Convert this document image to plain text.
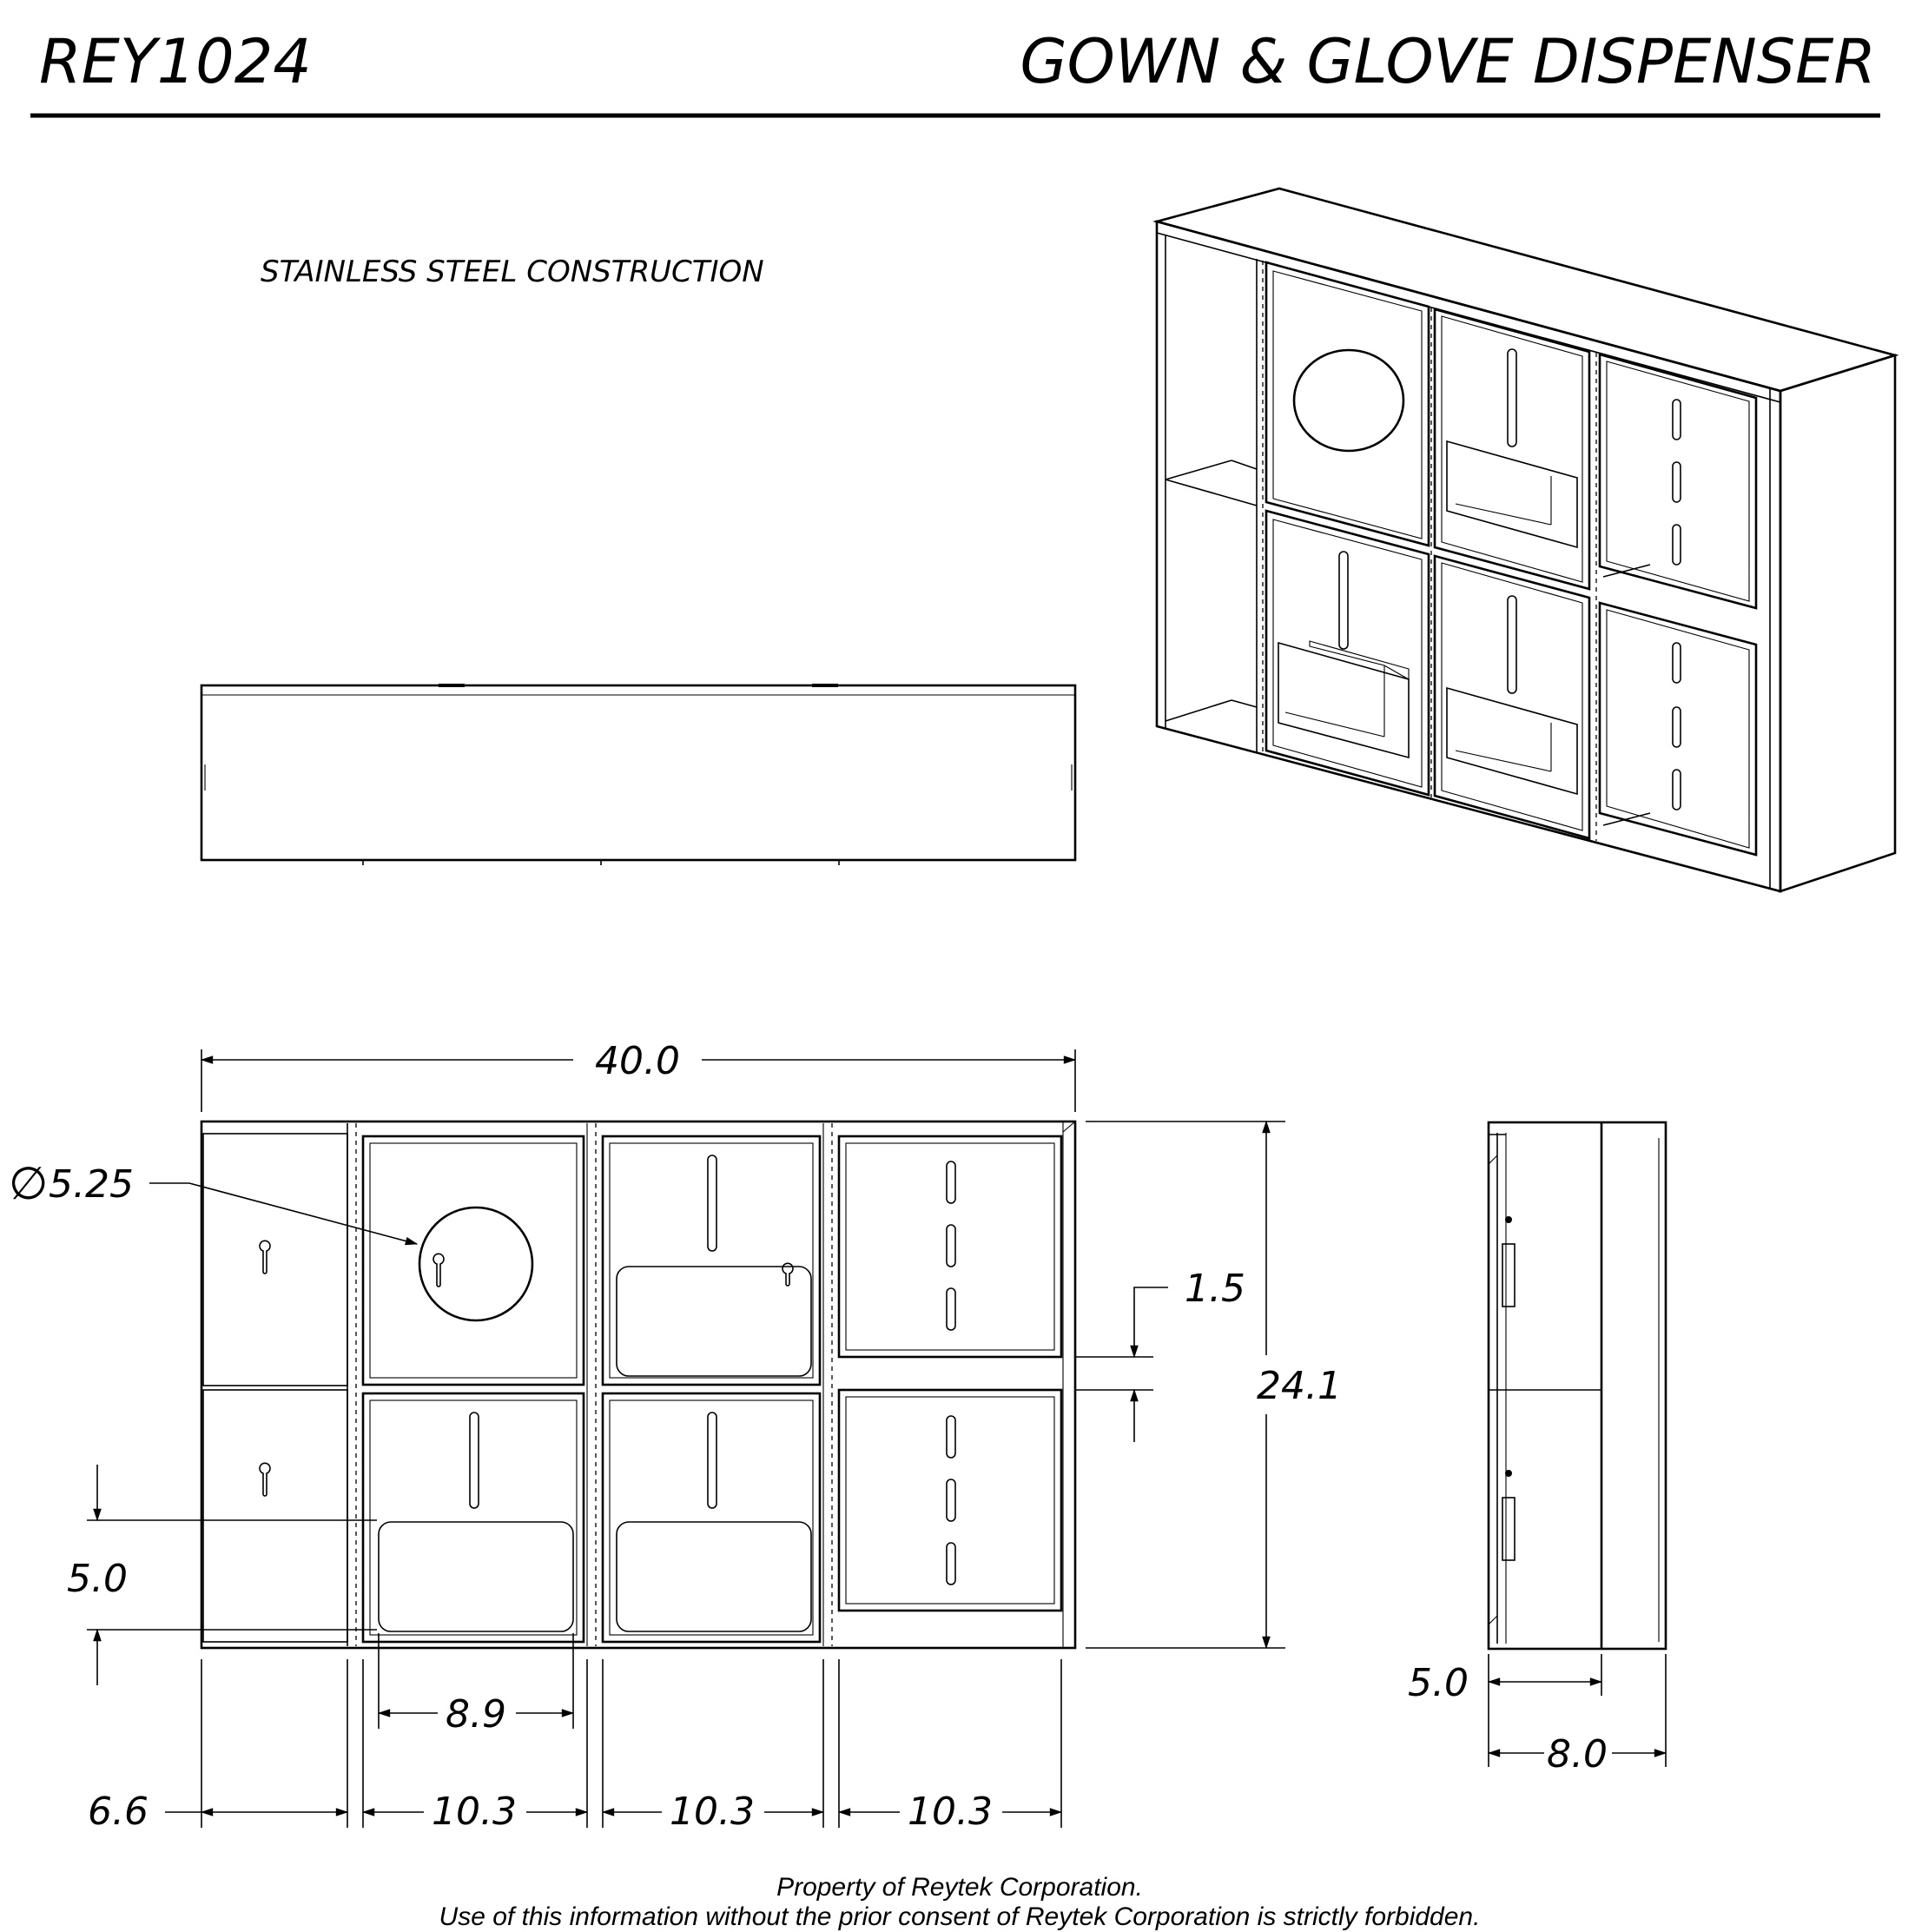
REY1024	GOWN & GLOVE DISPENSER
STAINLESS STEEL CONSTRUCTION
40.0
∅ 5.25
1.5
24.1
5.0
8.9
6.6	10.3	10.3	10.3
5.0
8.0
Property of Reytek Corporation.
Use of this information without the prior consent of Reytek Corporation is strictly forbidden.
